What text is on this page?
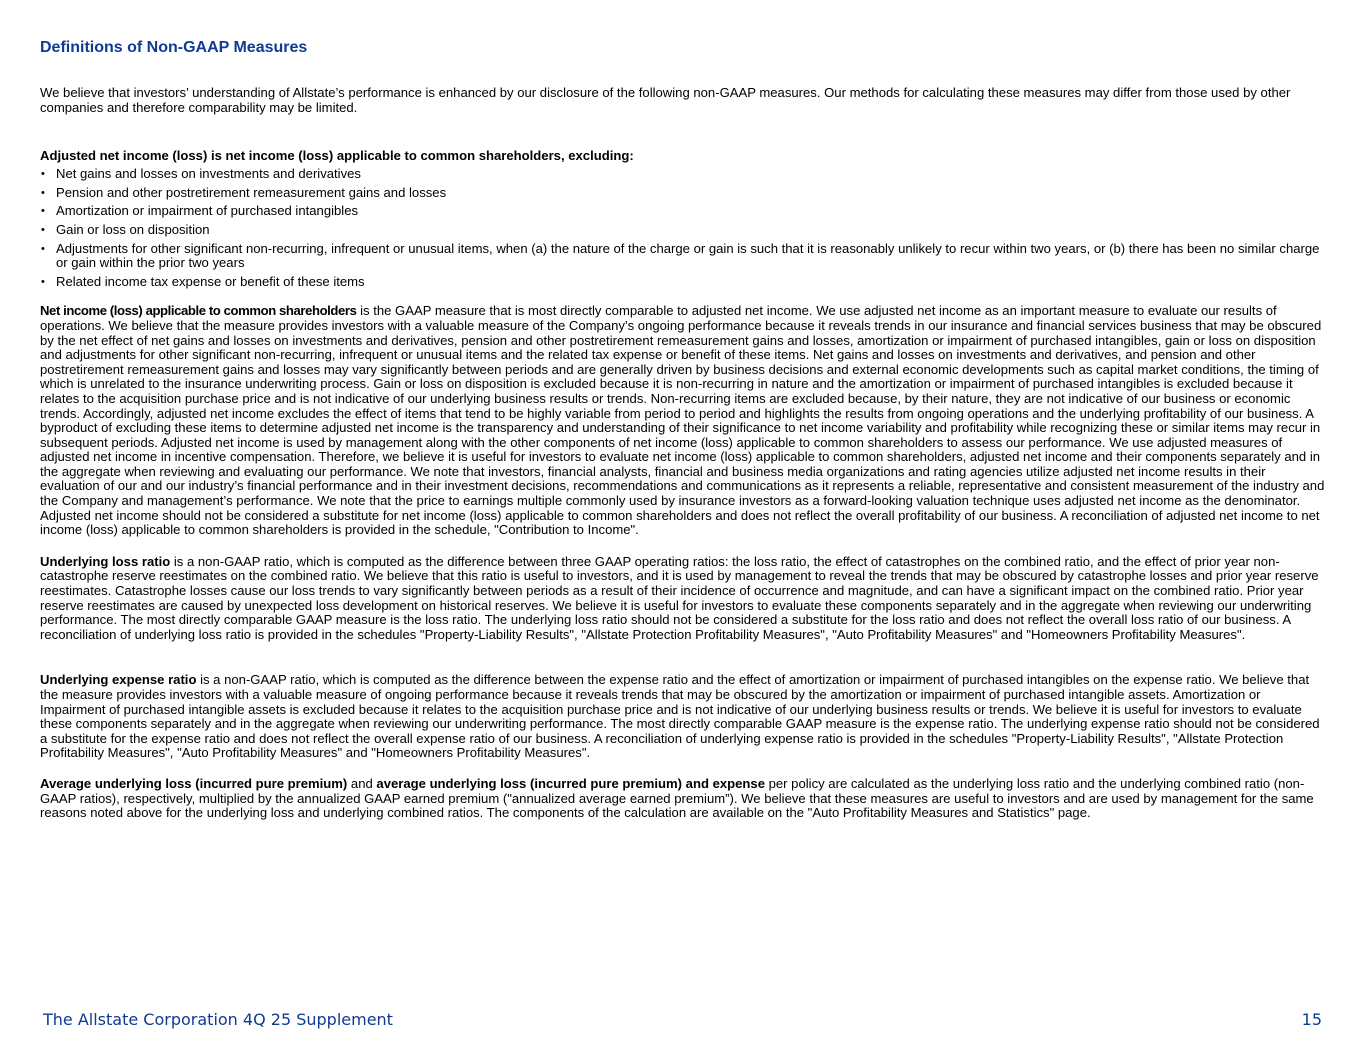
Definitions of Non-GAAP Measures

We believe that investors’ understanding of Allstate’s performance is enhanced by our disclosure of the following non-GAAP measures. Our methods for calculating these measures may differ from those used by other companies and therefore comparability may be limited.

Adjusted net income (loss) is net income (loss) applicable to common shareholders, excluding:

• Net gains and losses on investments and derivatives
• Pension and other postretirement remeasurement gains and losses
• Amortization or impairment of purchased intangibles
• Gain or loss on disposition
• Adjustments for other significant non-recurring, infrequent or unusual items, when (a) the nature of the charge or gain is such that it is reasonably unlikely to recur within two years, or (b) there has been no similar charge or gain within the prior two years
• Related income tax expense or benefit of these items

Net income (loss) applicable to common shareholders is the GAAP measure that is most directly comparable to adjusted net income. We use adjusted net income as an important measure to evaluate our results of operations. We believe that the measure provides investors with a valuable measure of the Company’s ongoing performance because it reveals trends in our insurance and financial services business that may be obscured by the net effect of net gains and losses on investments and derivatives, pension and other postretirement remeasurement gains and losses, amortization or impairment of purchased intangibles, gain or loss on disposition and adjustments for other significant non-recurring, infrequent or unusual items and the related tax expense or benefit of these items. Net gains and losses on investments and derivatives, and pension and other postretirement remeasurement gains and losses may vary significantly between periods and are generally driven by business decisions and external economic developments such as capital market conditions, the timing of which is unrelated to the insurance underwriting process. Gain or loss on disposition is excluded because it is non-recurring in nature and the amortization or impairment of purchased intangibles is excluded because it relates to the acquisition purchase price and is not indicative of our underlying business results or trends. Non-recurring items are excluded because, by their nature, they are not indicative of our business or economic trends. Accordingly, adjusted net income excludes the effect of items that tend to be highly variable from period to period and highlights the results from ongoing operations and the underlying profitability of our business. A byproduct of excluding these items to determine adjusted net income is the transparency and understanding of their significance to net income variability and profitability while recognizing these or similar items may recur in subsequent periods. Adjusted net income is used by management along with the other components of net income (loss) applicable to common shareholders to assess our performance. We use adjusted measures of adjusted net income in incentive compensation. Therefore, we believe it is useful for investors to evaluate net income (loss) applicable to common shareholders, adjusted net income and their components separately and in the aggregate when reviewing and evaluating our performance. We note that investors, financial analysts, financial and business media organizations and rating agencies utilize adjusted net income results in their evaluation of our and our industry’s financial performance and in their investment decisions, recommendations and communications as it represents a reliable, representative and consistent measurement of the industry and the Company and management’s performance. We note that the price to earnings multiple commonly used by insurance investors as a forward-looking valuation technique uses adjusted net income as the denominator. Adjusted net income should not be considered a substitute for net income (loss) applicable to common shareholders and does not reflect the overall profitability of our business. A reconciliation of adjusted net income to net income (loss) applicable to common shareholders is provided in the schedule, "Contribution to Income".

Underlying loss ratio is a non-GAAP ratio, which is computed as the difference between three GAAP operating ratios: the loss ratio, the effect of catastrophes on the combined ratio, and the effect of prior year non-catastrophe reserve reestimates on the combined ratio. We believe that this ratio is useful to investors, and it is used by management to reveal the trends that may be obscured by catastrophe losses and prior year reserve reestimates. Catastrophe losses cause our loss trends to vary significantly between periods as a result of their incidence of occurrence and magnitude, and can have a significant impact on the combined ratio. Prior year reserve reestimates are caused by unexpected loss development on historical reserves. We believe it is useful for investors to evaluate these components separately and in the aggregate when reviewing our underwriting performance. The most directly comparable GAAP measure is the loss ratio. The underlying loss ratio should not be considered a substitute for the loss ratio and does not reflect the overall loss ratio of our business. A reconciliation of underlying loss ratio is provided in the schedules "Property-Liability Results", "Allstate Protection Profitability Measures", "Auto Profitability Measures" and "Homeowners Profitability Measures".

Underlying expense ratio is a non-GAAP ratio, which is computed as the difference between the expense ratio and the effect of amortization or impairment of purchased intangibles on the expense ratio. We believe that the measure provides investors with a valuable measure of ongoing performance because it reveals trends that may be obscured by the amortization or impairment of purchased intangible assets. Amortization or Impairment of purchased intangible assets is excluded because it relates to the acquisition purchase price and is not indicative of our underlying business results or trends. We believe it is useful for investors to evaluate these components separately and in the aggregate when reviewing our underwriting performance. The most directly comparable GAAP measure is the expense ratio. The underlying expense ratio should not be considered a substitute for the expense ratio and does not reflect the overall expense ratio of our business. A reconciliation of underlying expense ratio is provided in the schedules "Property-Liability Results", "Allstate Protection Profitability Measures", "Auto Profitability Measures" and "Homeowners Profitability Measures".

Average underlying loss (incurred pure premium) and average underlying loss (incurred pure premium) and expense per policy are calculated as the underlying loss ratio and the underlying combined ratio (non-GAAP ratios), respectively, multiplied by the annualized GAAP earned premium ("annualized average earned premium”). We believe that these measures are useful to investors and are used by management for the same reasons noted above for the underlying loss and underlying combined ratios. The components of the calculation are available on the "Auto Profitability Measures and Statistics" page.

The Allstate Corporation 4Q 25 Supplement	15
